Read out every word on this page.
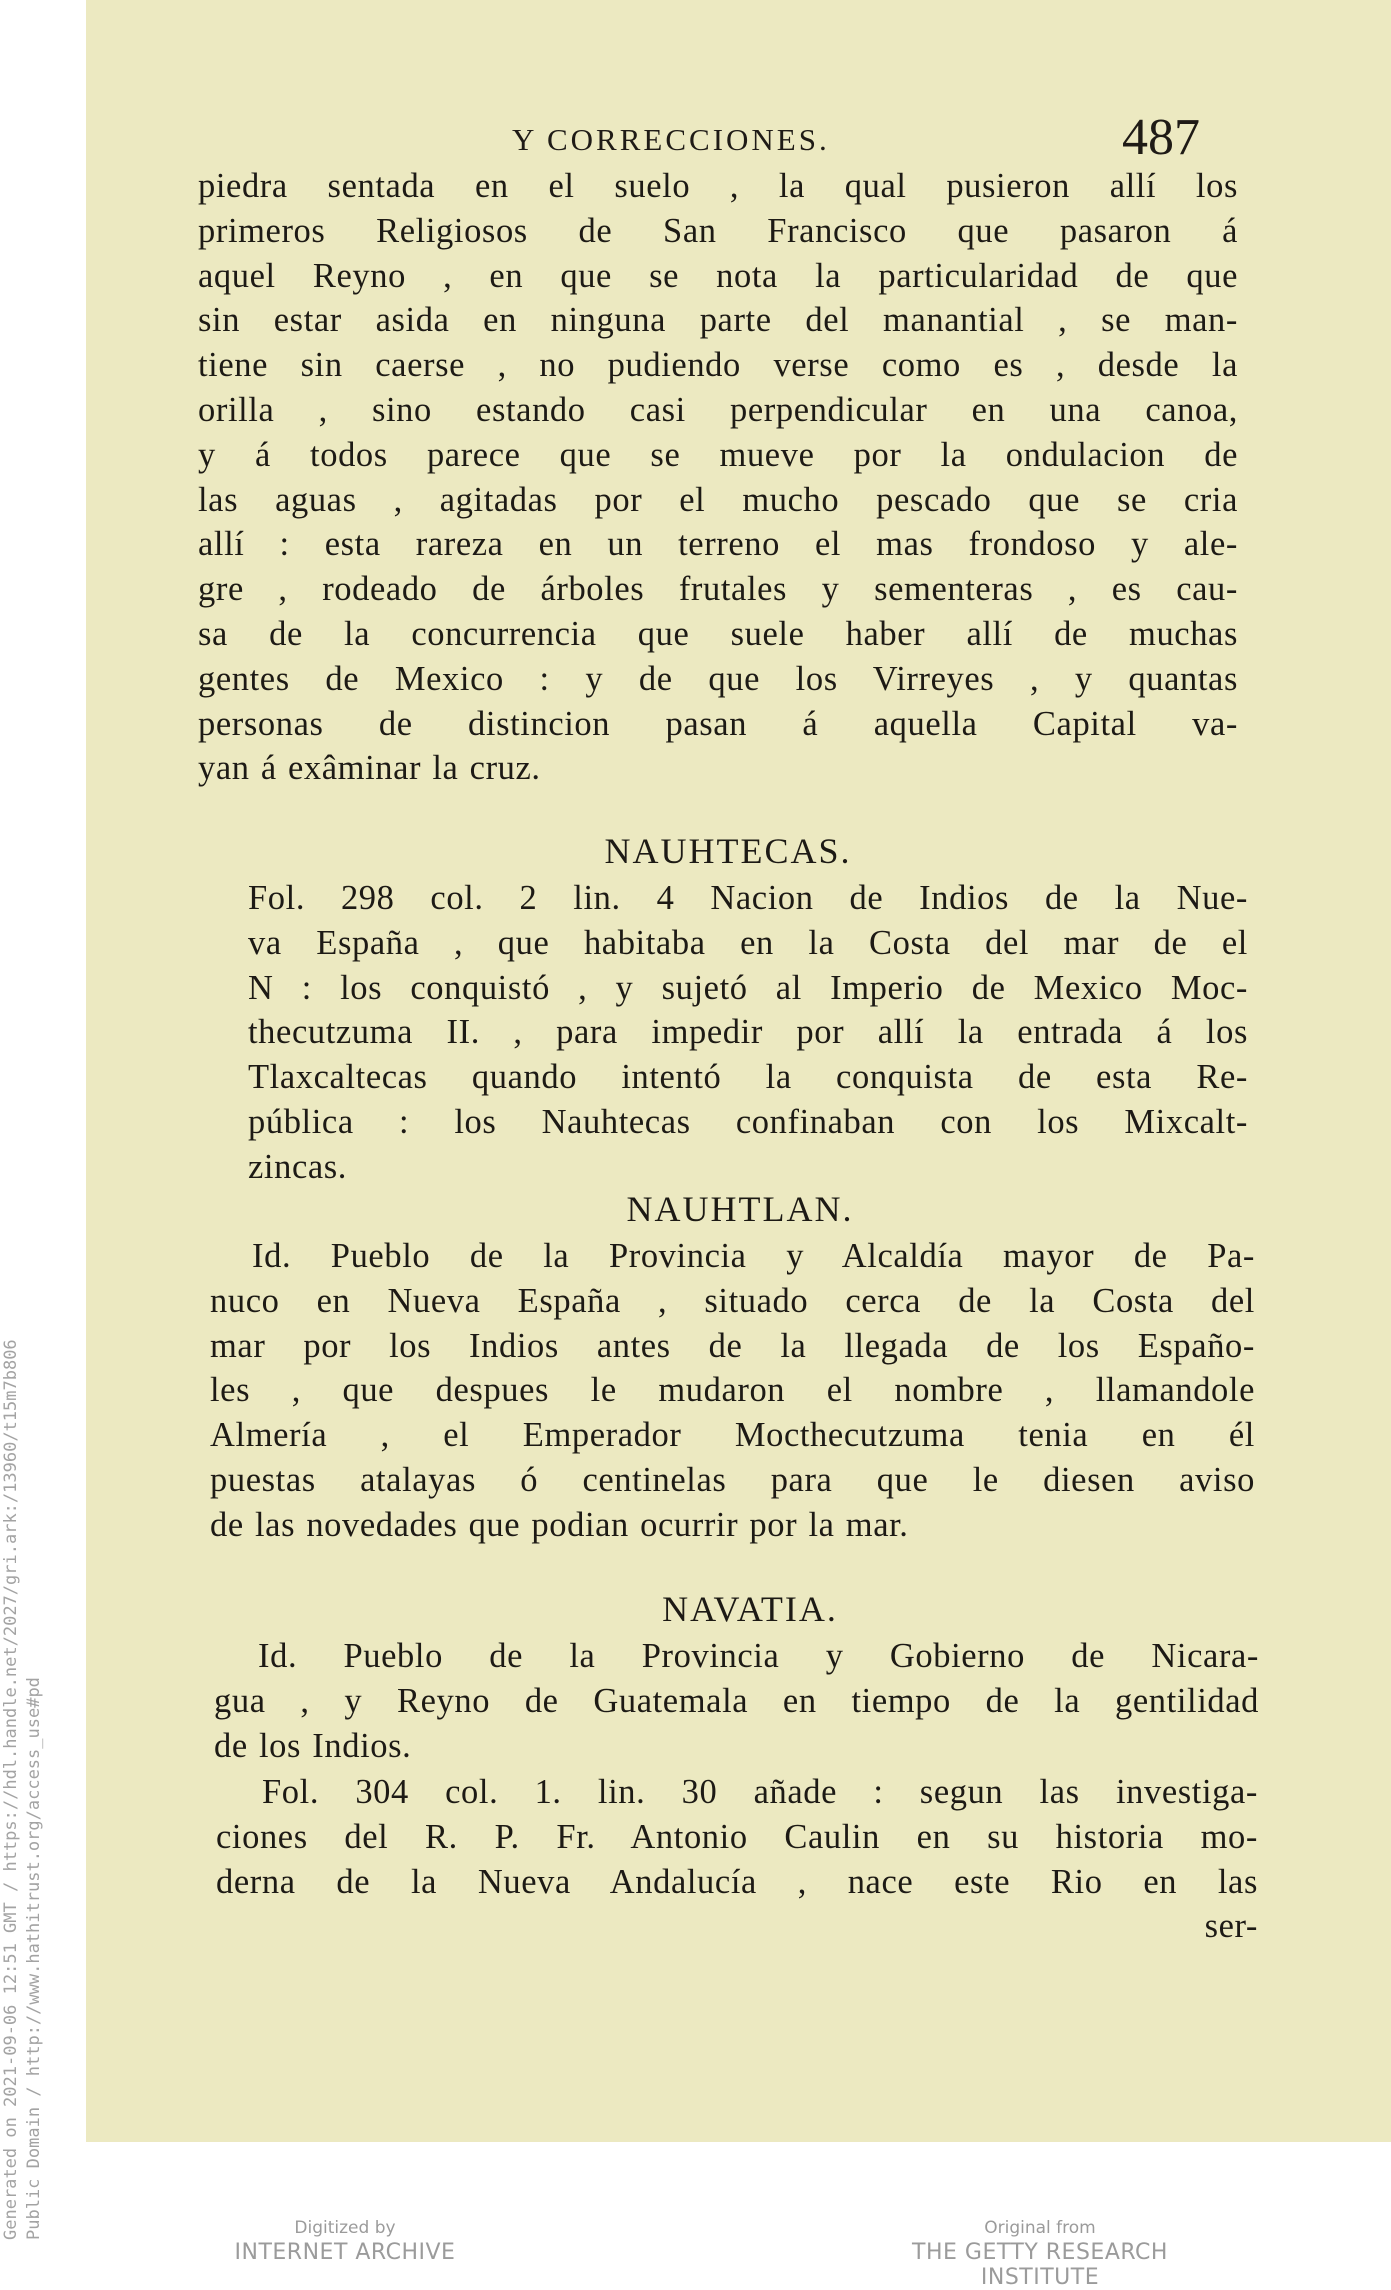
Generated on 2021-09-06 12:51 GMT / https://hdl.handle.net/2027/gri.ark:/13960/t15m7b806 Public Domain / http://www.hathitrust.org/access_use#pd
Y CORRECCIONES.	487
piedra sentada en el suelo , la qual pusieron allí los
primeros Religiosos de San Francisco que pasaron á
aquel Reyno , en que se nota la particularidad de que
sin estar asida en ninguna parte del manantial , se man-
tiene sin caerse , no pudiendo verse como es , desde la
orilla , sino estando casi perpendicular en una canoa,
y á todos parece que se mueve por la ondulacion de
las aguas , agitadas por el mucho pescado que se cria
allí : esta rareza en un terreno el mas frondoso y ale-
gre , rodeado de árboles frutales y sementeras , es cau-
sa de la concurrencia que suele haber allí de muchas
gentes de Mexico : y de que los Virreyes , y quantas
personas de distincion pasan á aquella Capital va-
yan á exâminar la cruz.
NAUHTECAS.
Fol. 298 col. 2 lin. 4 Nacion de Indios de la Nue-
va España , que habitaba en la Costa del mar de el
N : los conquistó , y sujetó al Imperio de Mexico Moc-
thecutzuma II. , para impedir por allí la entrada á los
Tlaxcaltecas quando intentó la conquista de esta Re-
pública : los Nauhtecas confinaban con los Mixcalt-
zincas.
NAUHTLAN.
Id. Pueblo de la Provincia y Alcaldía mayor de Pa-
nuco en Nueva España , situado cerca de la Costa del
mar por los Indios antes de la llegada de los Españo-
les , que despues le mudaron el nombre , llamandole
Almería , el Emperador Mocthecutzuma tenia en él
puestas atalayas ó centinelas para que le diesen aviso
de las novedades que podian ocurrir por la mar.
NAVATIA.
Id. Pueblo de la Provincia y Gobierno de Nicara-
gua , y Reyno de Guatemala en tiempo de la gentilidad
de los Indios.
Fol. 304 col. 1. lin. 30 añade : segun las investiga-
ciones del R. P. Fr. Antonio Caulin en su historia mo-
derna de la Nueva Andalucía , nace este Rio en las
ser-
Digitized by
INTERNET ARCHIVE
Original from
THE GETTY RESEARCH INSTITUTE
